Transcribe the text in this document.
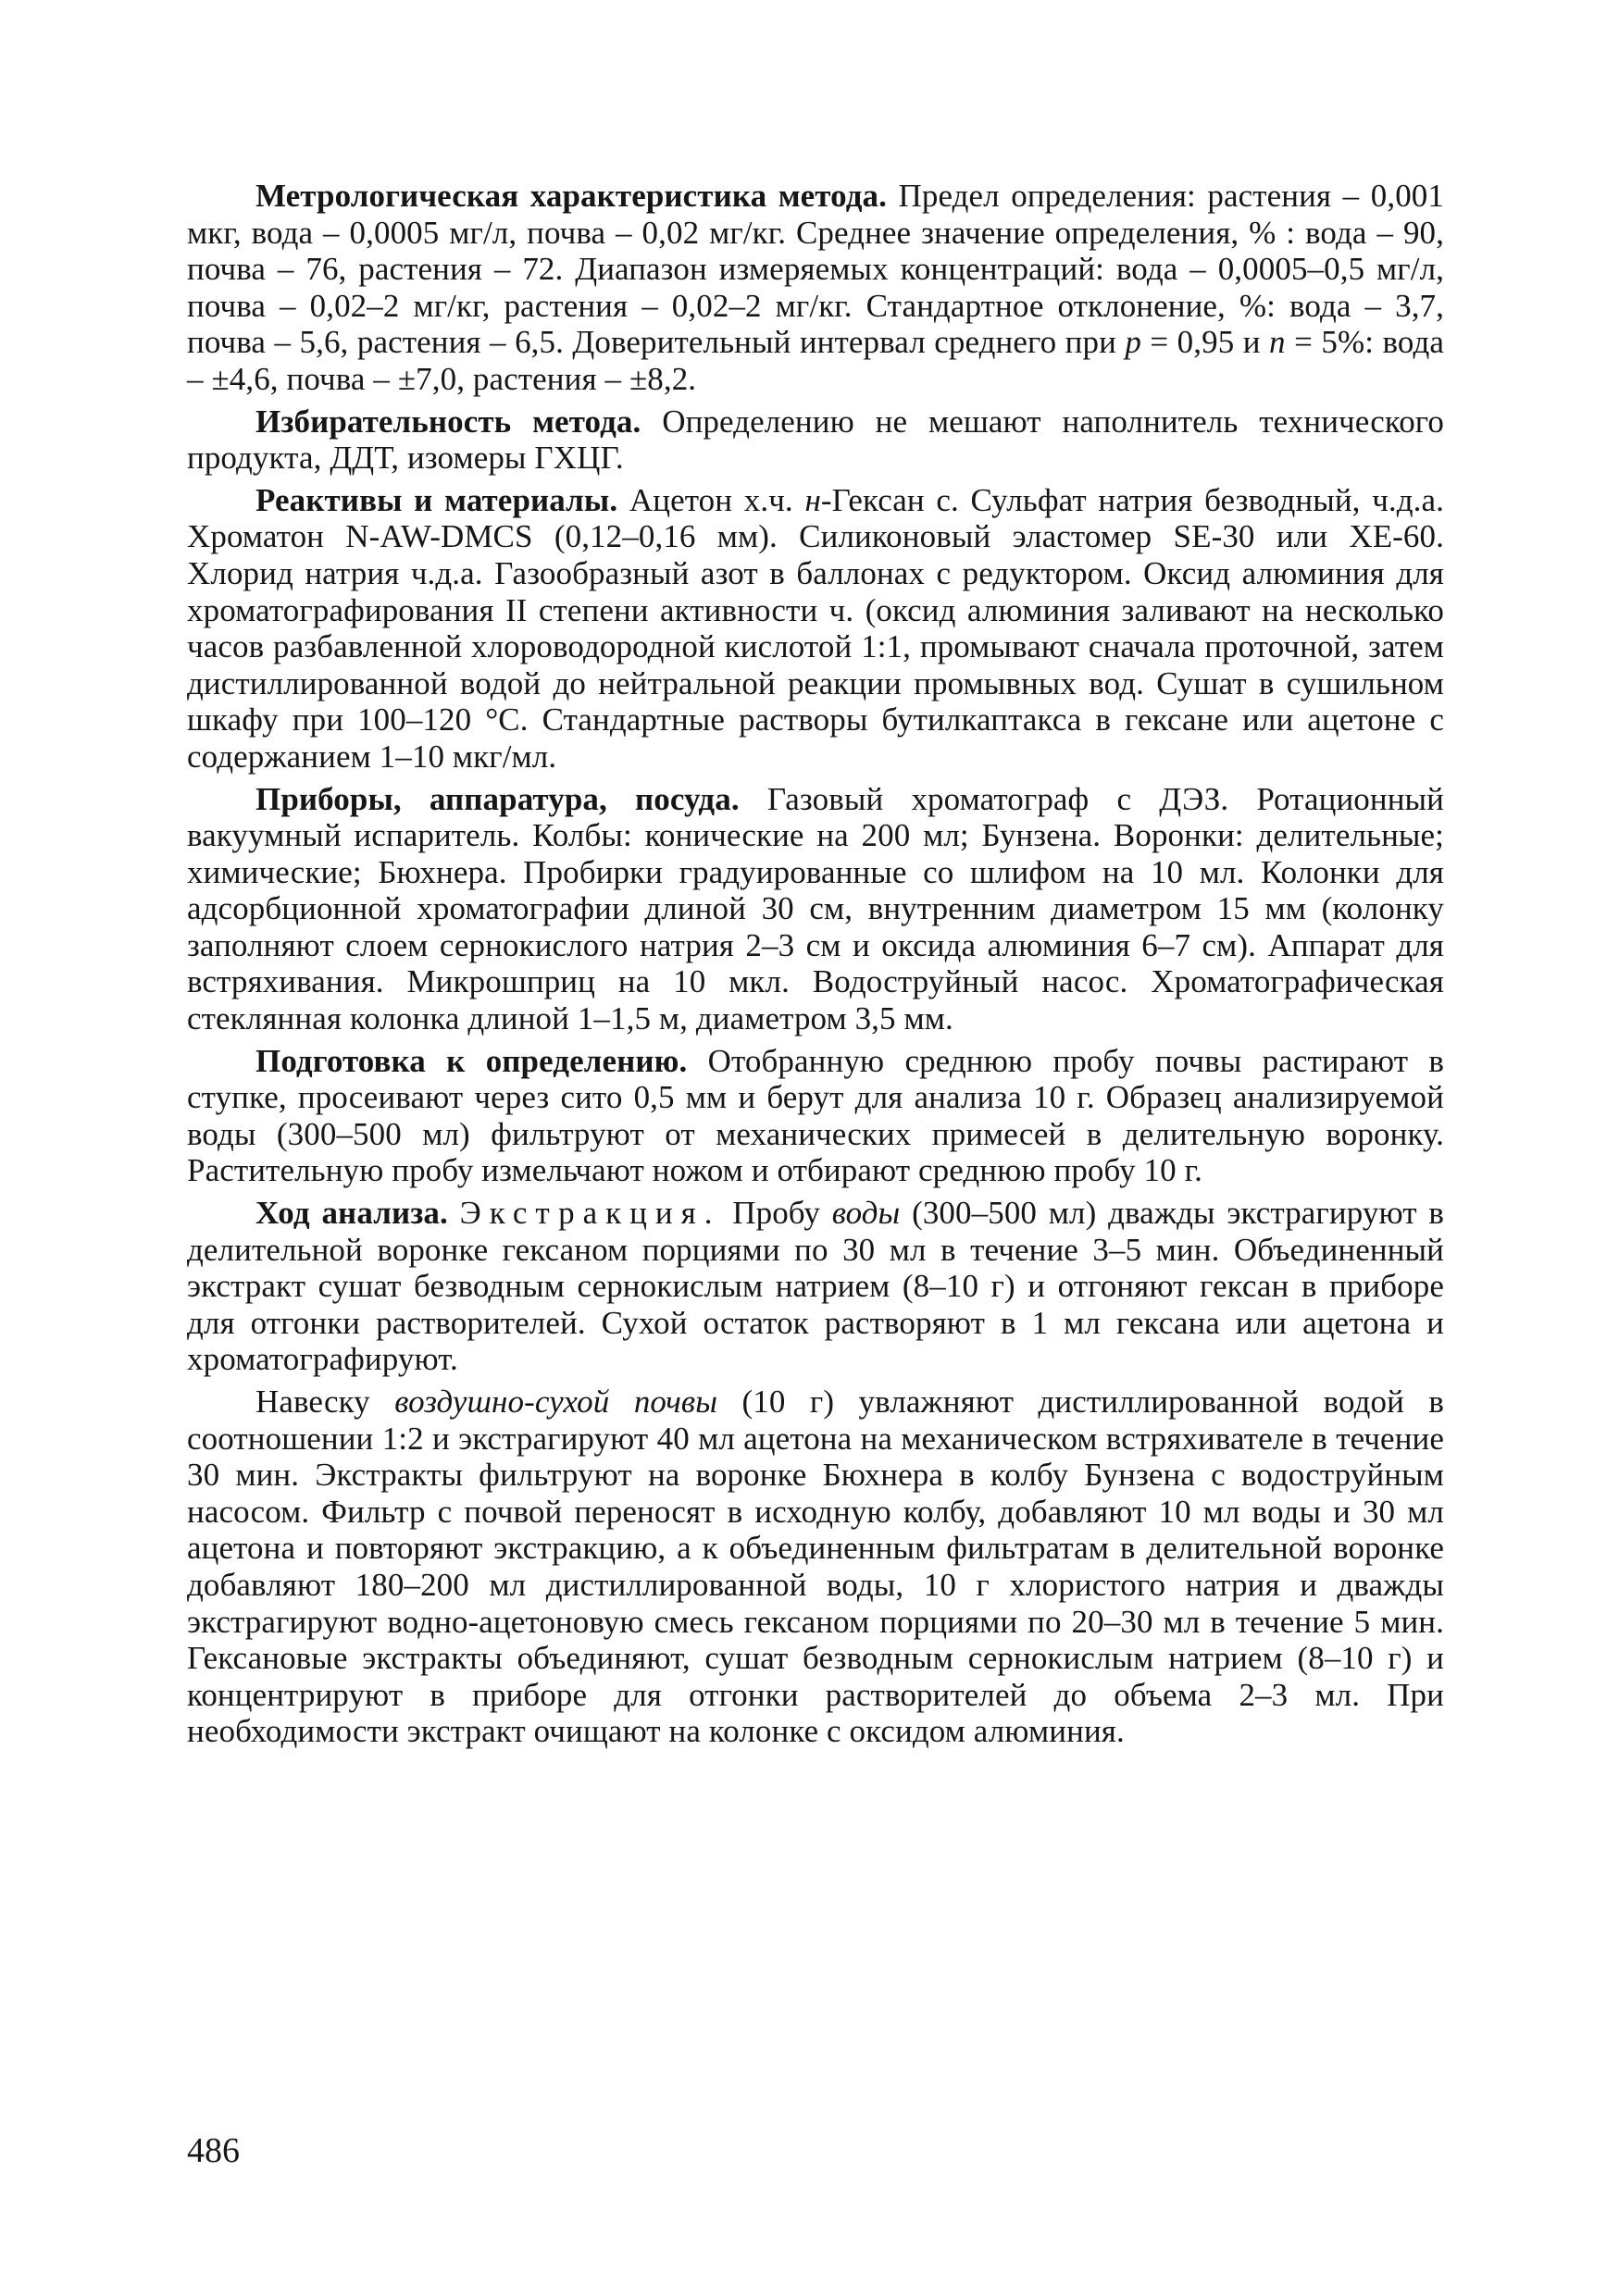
Метрологическая характеристика метода. Предел определения: растения – 0,001 мкг, вода – 0,0005 мг/л, почва – 0,02 мг/кг. Среднее значение определения, % : вода – 90, почва – 76, растения – 72. Диапазон измеряемых концентраций: вода – 0,0005–0,5 мг/л, почва – 0,02–2 мг/кг, растения – 0,02–2 мг/кг. Стандартное отклонение, %: вода – 3,7, почва – 5,6, растения – 6,5. Доверительный интервал среднего при p = 0,95 и n = 5%: вода – ±4,6, почва – ±7,0, растения – ±8,2.

Избирательность метода. Определению не мешают наполнитель технического продукта, ДДТ, изомеры ГХЦГ.

Реактивы и материалы. Ацетон х.ч. н-Гексан с. Сульфат натрия безводный, ч.д.а. Хроматон N-AW-DMCS (0,12–0,16 мм). Силиконовый эластомер SE-30 или XE-60. Хлорид натрия ч.д.а. Газообразный азот в баллонах с редуктором. Оксид алюминия для хроматографирования II степени активности ч. (оксид алюминия заливают на несколько часов разбавленной хлороводородной кислотой 1:1, промывают сначала проточной, затем дистиллированной водой до нейтральной реакции промывных вод. Сушат в сушильном шкафу при 100–120 °С. Стандартные растворы бутилкаптакса в гексане или ацетоне с содержанием 1–10 мкг/мл.

Приборы, аппаратура, посуда. Газовый хроматограф с ДЭЗ. Ротационный вакуумный испаритель. Колбы: конические на 200 мл; Бунзена. Воронки: делительные; химические; Бюхнера. Пробирки градуированные со шлифом на 10 мл. Колонки для адсорбционной хроматографии длиной 30 см, внутренним диаметром 15 мм (колонку заполняют слоем сернокислого натрия 2–3 см и оксида алюминия 6–7 см). Аппарат для встряхивания. Микрошприц на 10 мкл. Водоструйный насос. Хроматографическая стеклянная колонка длиной 1–1,5 м, диаметром 3,5 мм.

Подготовка к определению. Отобранную среднюю пробу почвы растирают в ступке, просеивают через сито 0,5 мм и берут для анализа 10 г. Образец анализируемой воды (300–500 мл) фильтруют от механических примесей в делительную воронку. Растительную пробу измельчают ножом и отбирают среднюю пробу 10 г.

Ход анализа. Экстракция. Пробу воды (300–500 мл) дважды экстрагируют в делительной воронке гексаном порциями по 30 мл в течение 3–5 мин. Объединенный экстракт сушат безводным сернокислым натрием (8–10 г) и отгоняют гексан в приборе для отгонки растворителей. Сухой остаток растворяют в 1 мл гексана или ацетона и хроматографируют.

Навеску воздушно-сухой почвы (10 г) увлажняют дистиллированной водой в соотношении 1:2 и экстрагируют 40 мл ацетона на механическом встряхивателе в течение 30 мин. Экстракты фильтруют на воронке Бюхнера в колбу Бунзена с водоструйным насосом. Фильтр с почвой переносят в исходную колбу, добавляют 10 мл воды и 30 мл ацетона и повторяют экстракцию, а к объединенным фильтратам в делительной воронке добавляют 180–200 мл дистиллированной воды, 10 г хлористого натрия и дважды экстрагируют водно-ацетоновую смесь гексаном порциями по 20–30 мл в течение 5 мин. Гексановые экстракты объединяют, сушат безводным сернокислым натрием (8–10 г) и концентрируют в приборе для отгонки растворителей до объема 2–3 мл. При необходимости экстракт очищают на колонке с оксидом алюминия.

486
